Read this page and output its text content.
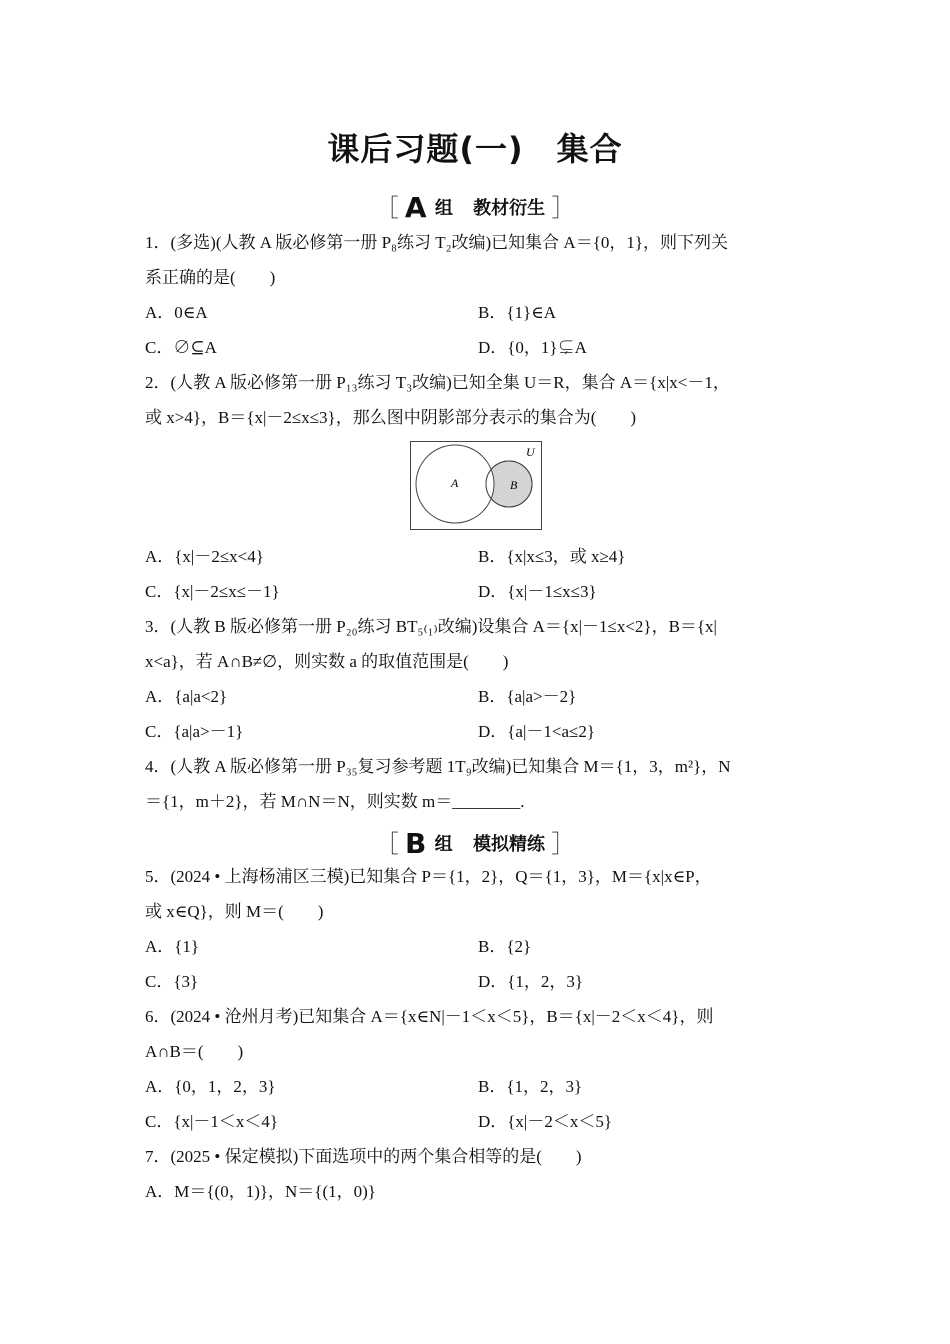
课后习题(一)　集合
［ A 组 教材衍生 ］
1．(多选)(人教 A 版必修第一册 P₈练习 T₂改编)已知集合 A＝{0，1}，则下列关
系正确的是(　　)
A．0∈A	B．{1}∈A
C．∅⊆A	D．{0，1}⊊A
2．(人教 A 版必修第一册 P₁₃练习 T₃改编)已知全集 U＝R，集合 A＝{x|x<－1，
或 x>4}，B＝{x|－2≤x≤3}，那么图中阴影部分表示的集合为(　　)
U
A	B
A．{x|－2≤x<4}	B．{x|x≤3，或 x≥4}
C．{x|－2≤x≤－1}	D．{x|－1≤x≤3}
3．(人教 B 版必修第一册 P₂₀练习 BT₅₍₁₎改编)设集合 A＝{x|－1≤x<2}，B＝{x|
x<a}，若 A∩B≠∅，则实数 a 的取值范围是(　　)
A．{a|a<2}	B．{a|a>－2}
C．{a|a>－1}	D．{a|－1<a≤2}
4．(人教 A 版必修第一册 P₃₅复习参考题 1T₉改编)已知集合 M＝{1，3，m²}，N
＝{1，m＋2}，若 M∩N＝N，则实数 m＝________.
［ B 组 模拟精练 ］
5．(2024 • 上海杨浦区三模)已知集合 P＝{1，2}，Q＝{1，3}，M＝{x|x∈P，
或 x∈Q}，则 M＝(　　)
A．{1}	B．{2}
C．{3}	D．{1，2，3}
6．(2024 • 沧州月考)已知集合 A＝{x∈N|－1＜x＜5}，B＝{x|－2＜x＜4}，则
A∩B＝(　　)
A．{0，1，2，3}	B．{1，2，3}
C．{x|－1＜x＜4}	D．{x|－2＜x＜5}
7．(2025 • 保定模拟)下面选项中的两个集合相等的是(　　)
A．M＝{(0，1)}，N＝{(1，0)}
